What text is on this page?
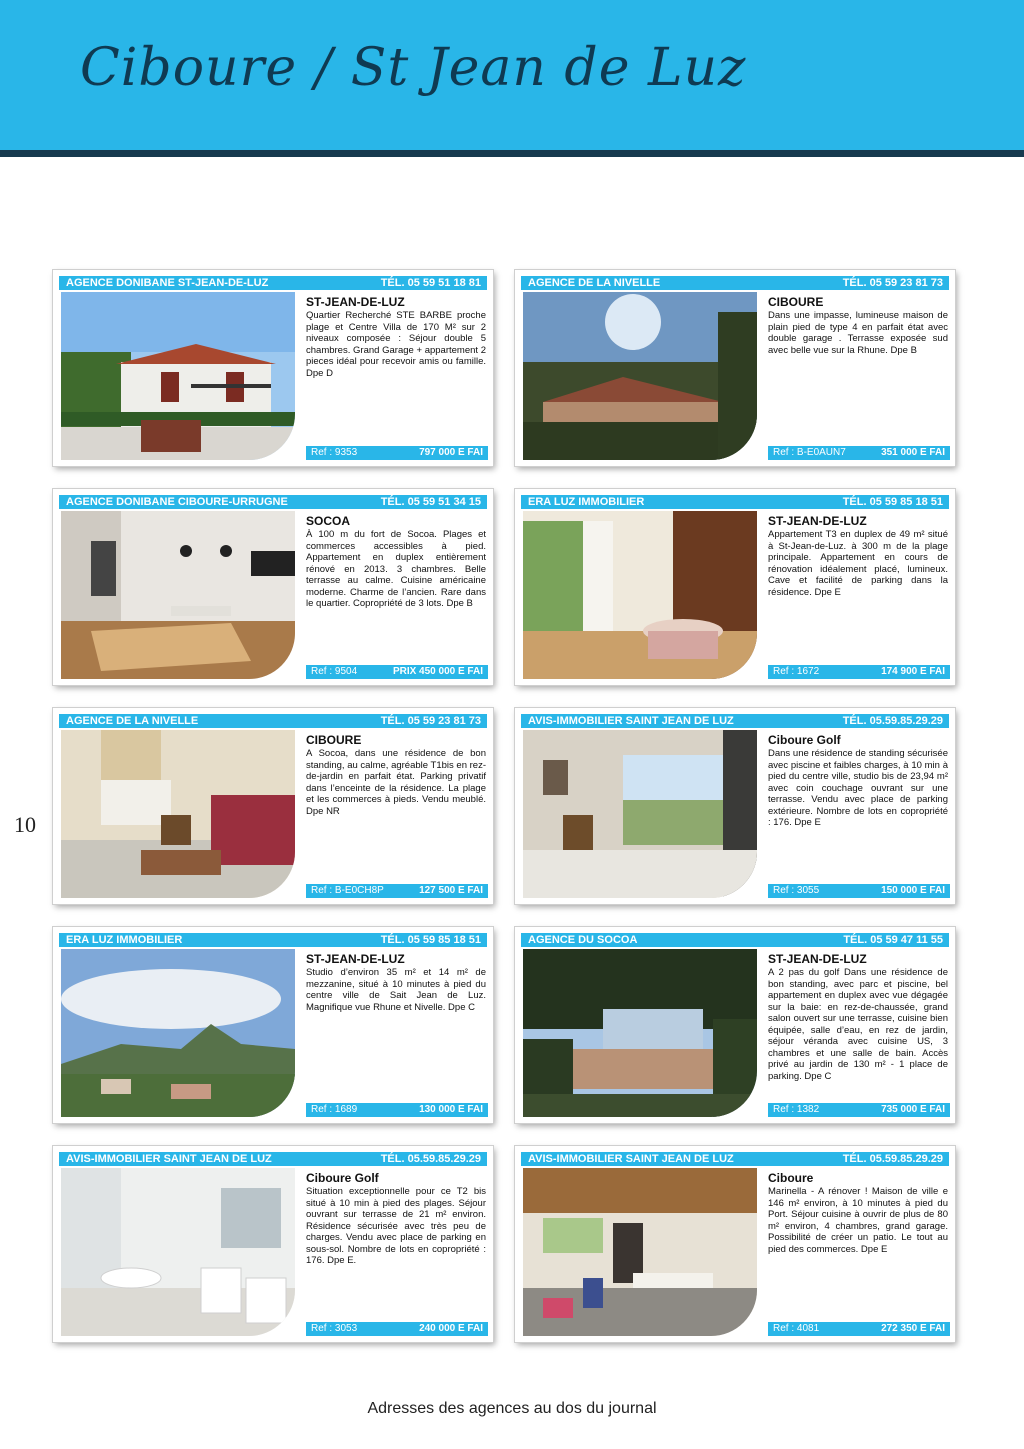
Ciboure / St Jean de Luz
10
AGENCE DONIBANE ST-JEAN-DE-LUZ	TÉL. 05 59 51 18 81
ST-JEAN-DE-LUZ
Quartier Recherché STE BARBE proche plage et Centre Villa de 170 M² sur 2 niveaux composée : Séjour double 5 chambres. Grand Garage + appartement 2 pieces idéal pour recevoir amis ou famille. Dpe D
Ref : 9353	797 000 E FAI
AGENCE DE LA NIVELLE	TÉL. 05 59 23 81 73
CIBOURE
Dans une impasse, lumineuse maison de plain pied de type 4 en parfait état avec double garage . Terrasse exposée sud avec belle vue sur la Rhune. Dpe B
Ref : B-E0AUN7	351 000 E FAI
AGENCE DONIBANE CIBOURE-URRUGNE	TÉL. 05 59 51 34 15
SOCOA
À 100 m du fort de Socoa. Plages et commerces accessibles à pied. Appartement en duplex entièrement rénové en 2013. 3 chambres. Belle terrasse au calme. Cuisine américaine moderne. Charme de l’ancien. Rare dans le quartier. Copropriété de 3 lots. Dpe B
Ref : 9504	PRIX 450 000 E FAI
ERA LUZ IMMOBILIER	TÉL. 05 59 85 18 51
ST-JEAN-DE-LUZ
Appartement T3 en duplex de 49 m² situé à St-Jean-de-Luz. à 300 m de la plage principale. Appartement en cours de rénovation idéalement placé, lumineux. Cave et facilité de parking dans la résidence. Dpe E
Ref : 1672	174 900 E FAI
AGENCE DE LA NIVELLE	TÉL. 05 59 23 81 73
CIBOURE
A Socoa, dans une résidence de bon standing, au calme, agréable T1bis en rez-de-jardin en parfait état. Parking privatif dans l’enceinte de la résidence. La plage et les commerces à pieds. Vendu meublé. Dpe NR
Ref : B-E0CH8P	127 500 E FAI
AVIS-IMMOBILIER SAINT JEAN DE LUZ	TÉL. 05.59.85.29.29
Ciboure Golf
Dans une résidence de standing sécurisée avec piscine et faibles charges, à 10 min à pied du centre ville, studio bis de 23,94 m² avec coin couchage ouvrant sur une terrasse. Vendu avec place de parking extérieure. Nombre de lots en copropriété : 176. Dpe E
Ref : 3055	150 000 E FAI
ERA LUZ IMMOBILIER	TÉL. 05 59 85 18 51
ST-JEAN-DE-LUZ
Studio d’environ 35 m² et 14 m² de mezzanine, situé à 10 minutes à pied du centre ville de Sait Jean de Luz. Magnifique vue Rhune et Nivelle. Dpe C
Ref : 1689	130 000 E FAI
AGENCE DU SOCOA	TÉL. 05 59 47 11 55
ST-JEAN-DE-LUZ
A 2 pas du golf Dans une résidence de bon standing, avec parc et piscine, bel appartement en duplex avec vue dégagée sur la baie: en rez-de-chaussée, grand salon ouvert sur une terrasse, cuisine bien équipée, salle d’eau, en rez de jardin, séjour véranda avec cuisine US, 3 chambres et une salle de bain. Accès privé au jardin de 130 m² - 1 place de parking. Dpe C
Ref : 1382	735 000 E FAI
AVIS-IMMOBILIER SAINT JEAN DE LUZ	TÉL. 05.59.85.29.29
Ciboure Golf
Situation exceptionnelle pour ce T2 bis situé à 10 min à pied des plages. Séjour ouvrant sur terrasse de 21 m² environ. Résidence sécurisée avec très peu de charges. Vendu avec place de parking en sous-sol. Nombre de lots en copropriété : 176. Dpe E.
Ref : 3053	240 000 E FAI
AVIS-IMMOBILIER SAINT JEAN DE LUZ	TÉL. 05.59.85.29.29
Ciboure
Marinella - A rénover ! Maison de ville e 146 m² environ, à 10 minutes à pied du Port. Séjour cuisine à ouvrir de plus de 80 m² environ, 4 chambres, grand garage. Possibilité de créer un patio. Le tout au pied des commerces. Dpe E
Ref : 4081	272 350 E FAI
Adresses des agences au dos du journal
